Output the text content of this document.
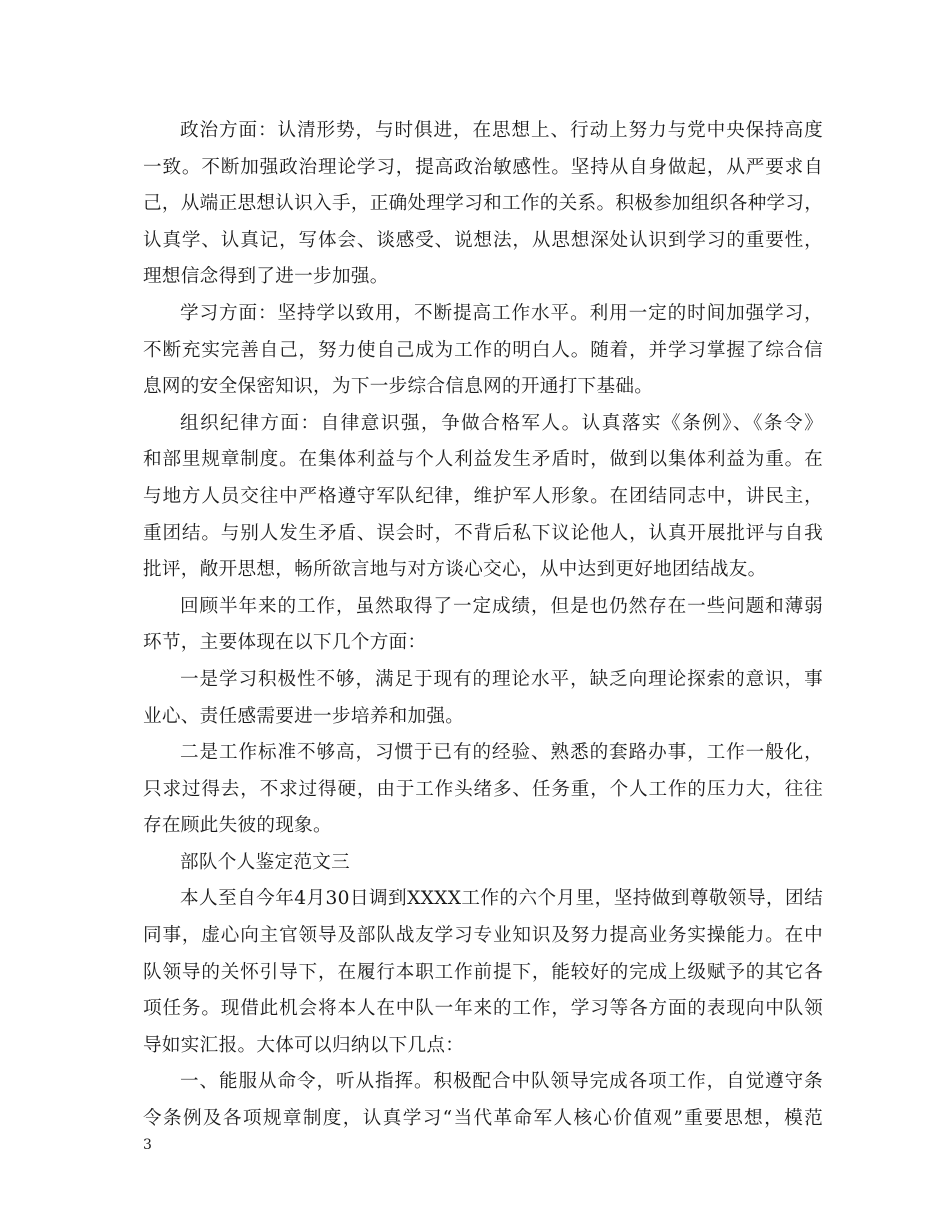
政治方面：认清形势，与时俱进，在思想上、行动上努力与党中央保持高度
一致。不断加强政治理论学习，提高政治敏感性。坚持从自身做起，从严要求自
己，从端正思想认识入手，正确处理学习和工作的关系。积极参加组织各种学习，
认真学、认真记，写体会、谈感受、说想法，从思想深处认识到学习的重要性，
理想信念得到了进一步加强。
学习方面：坚持学以致用，不断提高工作水平。利用一定的时间加强学习，
不断充实完善自己，努力使自己成为工作的明白人。随着，并学习掌握了综合信
息网的安全保密知识，为下一步综合信息网的开通打下基础。
组织纪律方面：自律意识强，争做合格军人。认真落实《条例》、《条令》
和部里规章制度。在集体利益与个人利益发生矛盾时，做到以集体利益为重。在
与地方人员交往中严格遵守军队纪律，维护军人形象。在团结同志中，讲民主，
重团结。与别人发生矛盾、误会时，不背后私下议论他人，认真开展批评与自我
批评，敞开思想，畅所欲言地与对方谈心交心，从中达到更好地团结战友。
回顾半年来的工作，虽然取得了一定成绩，但是也仍然存在一些问题和薄弱
环节，主要体现在以下几个方面：
一是学习积极性不够，满足于现有的理论水平，缺乏向理论探索的意识，事
业心、责任感需要进一步培养和加强。
二是工作标准不够高，习惯于已有的经验、熟悉的套路办事，工作一般化，
只求过得去，不求过得硬，由于工作头绪多、任务重，个人工作的压力大，往往
存在顾此失彼的现象。
部队个人鉴定范文三
本人至自今年4月30日调到XXXX工作的六个月里，坚持做到尊敬领导，团结
同事，虚心向主官领导及部队战友学习专业知识及努力提高业务实操能力。在中
队领导的关怀引导下，在履行本职工作前提下，能较好的完成上级赋予的其它各
项任务。现借此机会将本人在中队一年来的工作，学习等各方面的表现向中队领
导如实汇报。大体可以归纳以下几点：
一、能服从命令，听从指挥。积极配合中队领导完成各项工作，自觉遵守条
令条例及各项规章制度，认真学习“当代革命军人核心价值观”重要思想，模范
3
